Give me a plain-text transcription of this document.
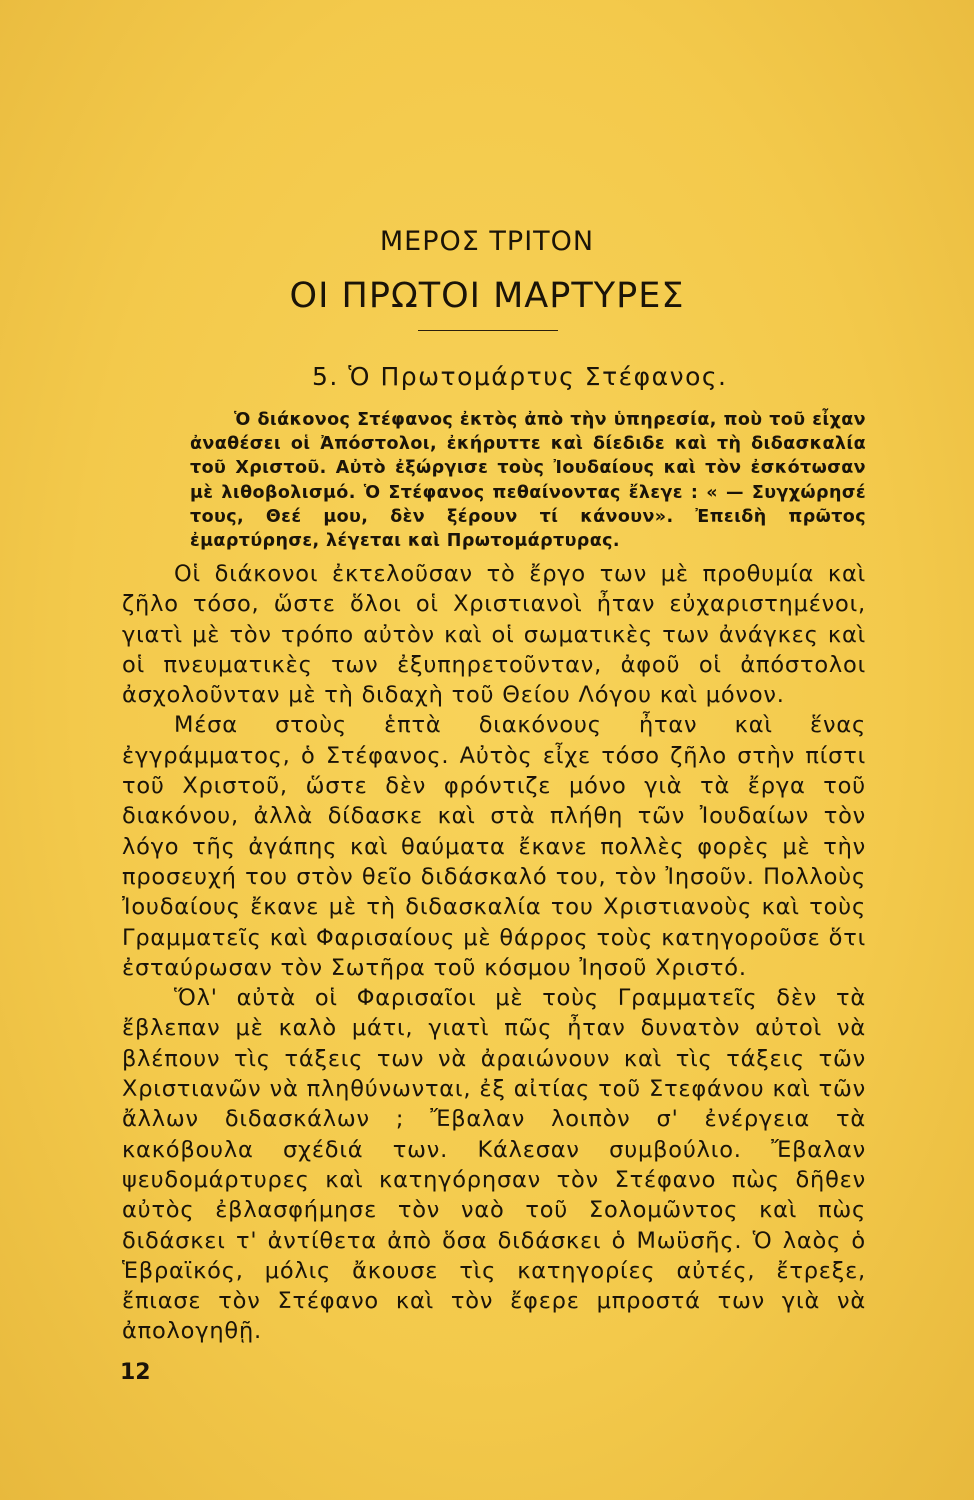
ΜΕΡΟΣ ΤΡΙΤΟΝ
ΟΙ ΠΡΩΤΟΙ ΜΑΡΤΥΡΕΣ
5. Ὁ Πρωτομάρτυς Στέφανος.
Ὁ διάκονος Στέφανος ἐκτὸς ἀπὸ τὴν ὑπηρεσία, ποὺ τοῦ εἶχαν ἀναθέσει οἱ Ἀπόστολοι, ἐκήρυττε καὶ δίεδιδε καὶ τὴ διδασκαλία τοῦ Χριστοῦ. Αὐτὸ ἐξώργισε τοὺς Ἰουδαίους καὶ τὸν ἐσκότωσαν μὲ λιθοβολισμό. Ὁ Στέφανος πεθαίνοντας ἔλεγε : « — Συγχώρησέ τους, Θεέ μου, δὲν ξέρουν τί κάνουν». Ἐπειδὴ πρῶτος ἐμαρτύρησε, λέγεται καὶ Πρωτομάρτυρας.

Οἱ διάκονοι ἐκτελοῦσαν τὸ ἔργο των μὲ προθυμία καὶ ζῆλο τόσο, ὥστε ὅλοι οἱ Χριστιανοὶ ἦταν εὐχαριστημένοι, γιατὶ μὲ τὸν τρόπο αὐτὸν καὶ οἱ σωματικὲς των ἀνάγκες καὶ οἱ πνευματικὲς των ἐξυπηρετοῦνταν, ἀφοῦ οἱ ἀπόστολοι ἀσχολοῦνταν μὲ τὴ διδαχὴ τοῦ Θείου Λόγου καὶ μόνον.

Μέσα στοὺς ἑπτὰ διακόνους ἦταν καὶ ἕνας ἐγγράμματος, ὁ Στέφανος. Αὐτὸς εἶχε τόσο ζῆλο στὴν πίστι τοῦ Χριστοῦ, ὥστε δὲν φρόντιζε μόνο γιὰ τὰ ἔργα τοῦ διακόνου, ἀλλὰ δίδασκε καὶ στὰ πλήθη τῶν Ἰουδαίων τὸν λόγο τῆς ἀγάπης καὶ θαύματα ἔκανε πολλὲς φορὲς μὲ τὴν προσευχή του στὸν θεῖο διδάσκαλό του, τὸν Ἰησοῦν. Πολλοὺς Ἰουδαίους ἔκανε μὲ τὴ διδασκαλία του Χριστιανοὺς καὶ τοὺς Γραμματεῖς καὶ Φαρισαίους μὲ θάρρος τοὺς κατηγοροῦσε ὅτι ἐσταύρωσαν τὸν Σωτῆρα τοῦ κόσμου Ἰησοῦ Χριστό.

Ὅλ' αὐτὰ οἱ Φαρισαῖοι μὲ τοὺς Γραμματεῖς δὲν τὰ ἔβλεπαν μὲ καλὸ μάτι, γιατὶ πῶς ἦταν δυνατὸν αὐτοὶ νὰ βλέπουν τὶς τάξεις των νὰ ἀραιώνουν καὶ τὶς τάξεις τῶν Χριστιανῶν νὰ πληθύνωνται, ἐξ αἰτίας τοῦ Στεφάνου καὶ τῶν ἄλλων διδασκάλων ; Ἔβαλαν λοιπὸν σ' ἐνέργεια τὰ κακόβουλα σχέδιά των. Κάλεσαν συμβούλιο. Ἔβαλαν ψευδομάρτυρες καὶ κατηγόρησαν τὸν Στέφανο πὼς δῆθεν αὐτὸς ἐβλασφήμησε τὸν ναὸ τοῦ Σολομῶντος καὶ πὼς διδάσκει τ' ἀντίθετα ἀπὸ ὅσα διδάσκει ὁ Μωϋσῆς. Ὁ λαὸς ὁ Ἑβραϊκός, μόλις ἄκουσε τὶς κατηγορίες αὐτές, ἔτρεξε, ἔπιασε τὸν Στέφανο καὶ τὸν ἔφερε μπροστά των γιὰ νὰ ἀπολογηθῇ.

12
